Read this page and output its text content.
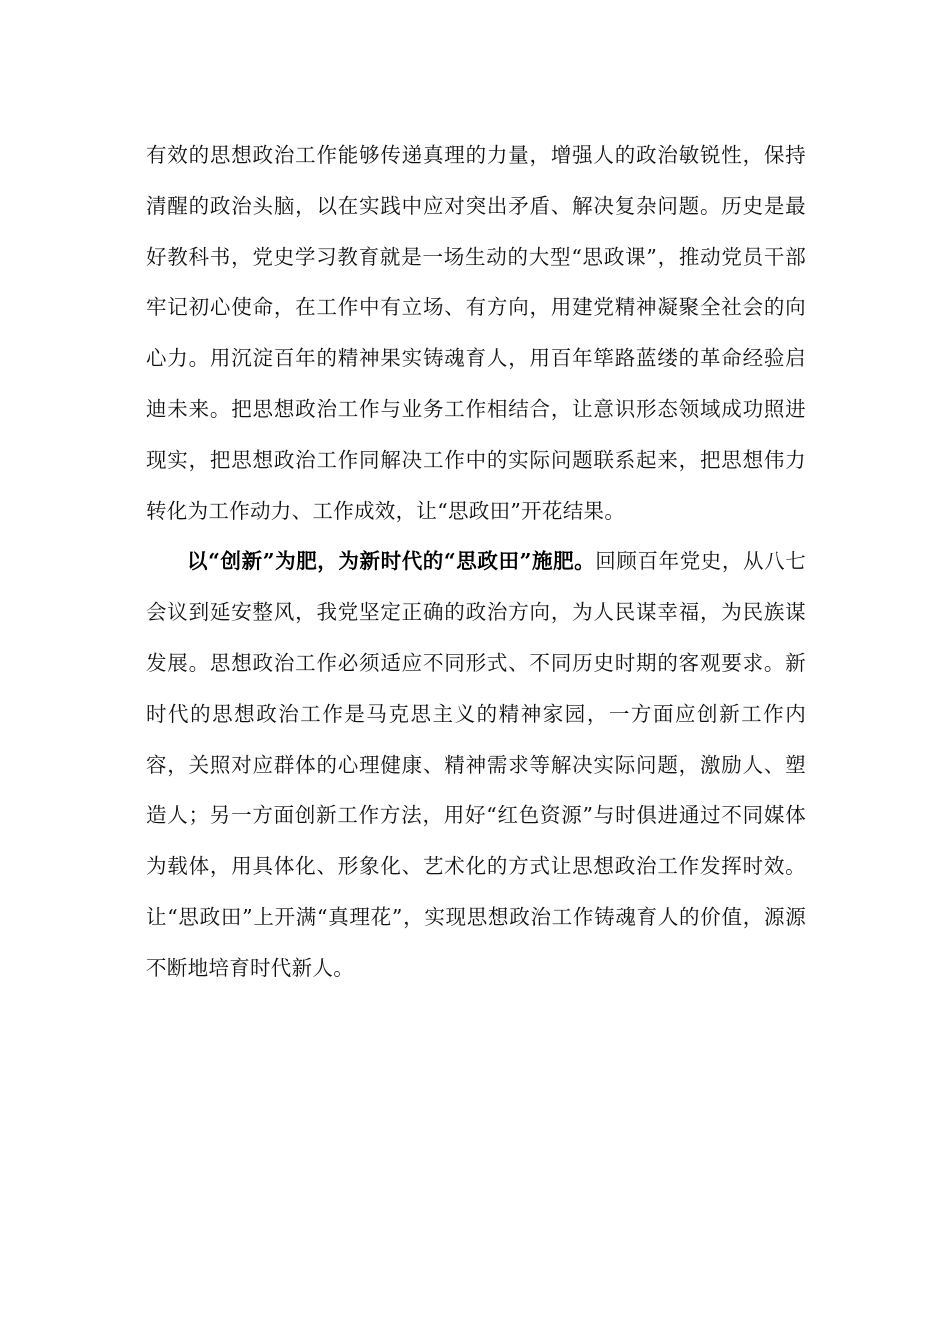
有效的思想政治工作能够传递真理的力量，增强人的政治敏锐性，保持清醒的政治头脑，以在实践中应对突出矛盾、解决复杂问题。历史是最好教科书，党史学习教育就是一场生动的大型“思政课”，推动党员干部牢记初心使命，在工作中有立场、有方向，用建党精神凝聚全社会的向心力。用沉淀百年的精神果实铸魂育人，用百年筚路蓝缕的革命经验启迪未来。把思想政治工作与业务工作相结合，让意识形态领域成功照进现实，把思想政治工作同解决工作中的实际问题联系起来，把思想伟力转化为工作动力、工作成效，让“思政田”开花结果。

以“创新”为肥，为新时代的“思政田”施肥。回顾百年党史，从八七会议到延安整风，我党坚定正确的政治方向，为人民谋幸福，为民族谋发展。思想政治工作必须适应不同形式、不同历史时期的客观要求。新时代的思想政治工作是马克思主义的精神家园，一方面应创新工作内容，关照对应群体的心理健康、精神需求等解决实际问题，激励人、塑造人；另一方面创新工作方法，用好“红色资源”与时俱进通过不同媒体为载体，用具体化、形象化、艺术化的方式让思想政治工作发挥时效。让“思政田”上开满“真理花”，实现思想政治工作铸魂育人的价值，源源不断地培育时代新人。
